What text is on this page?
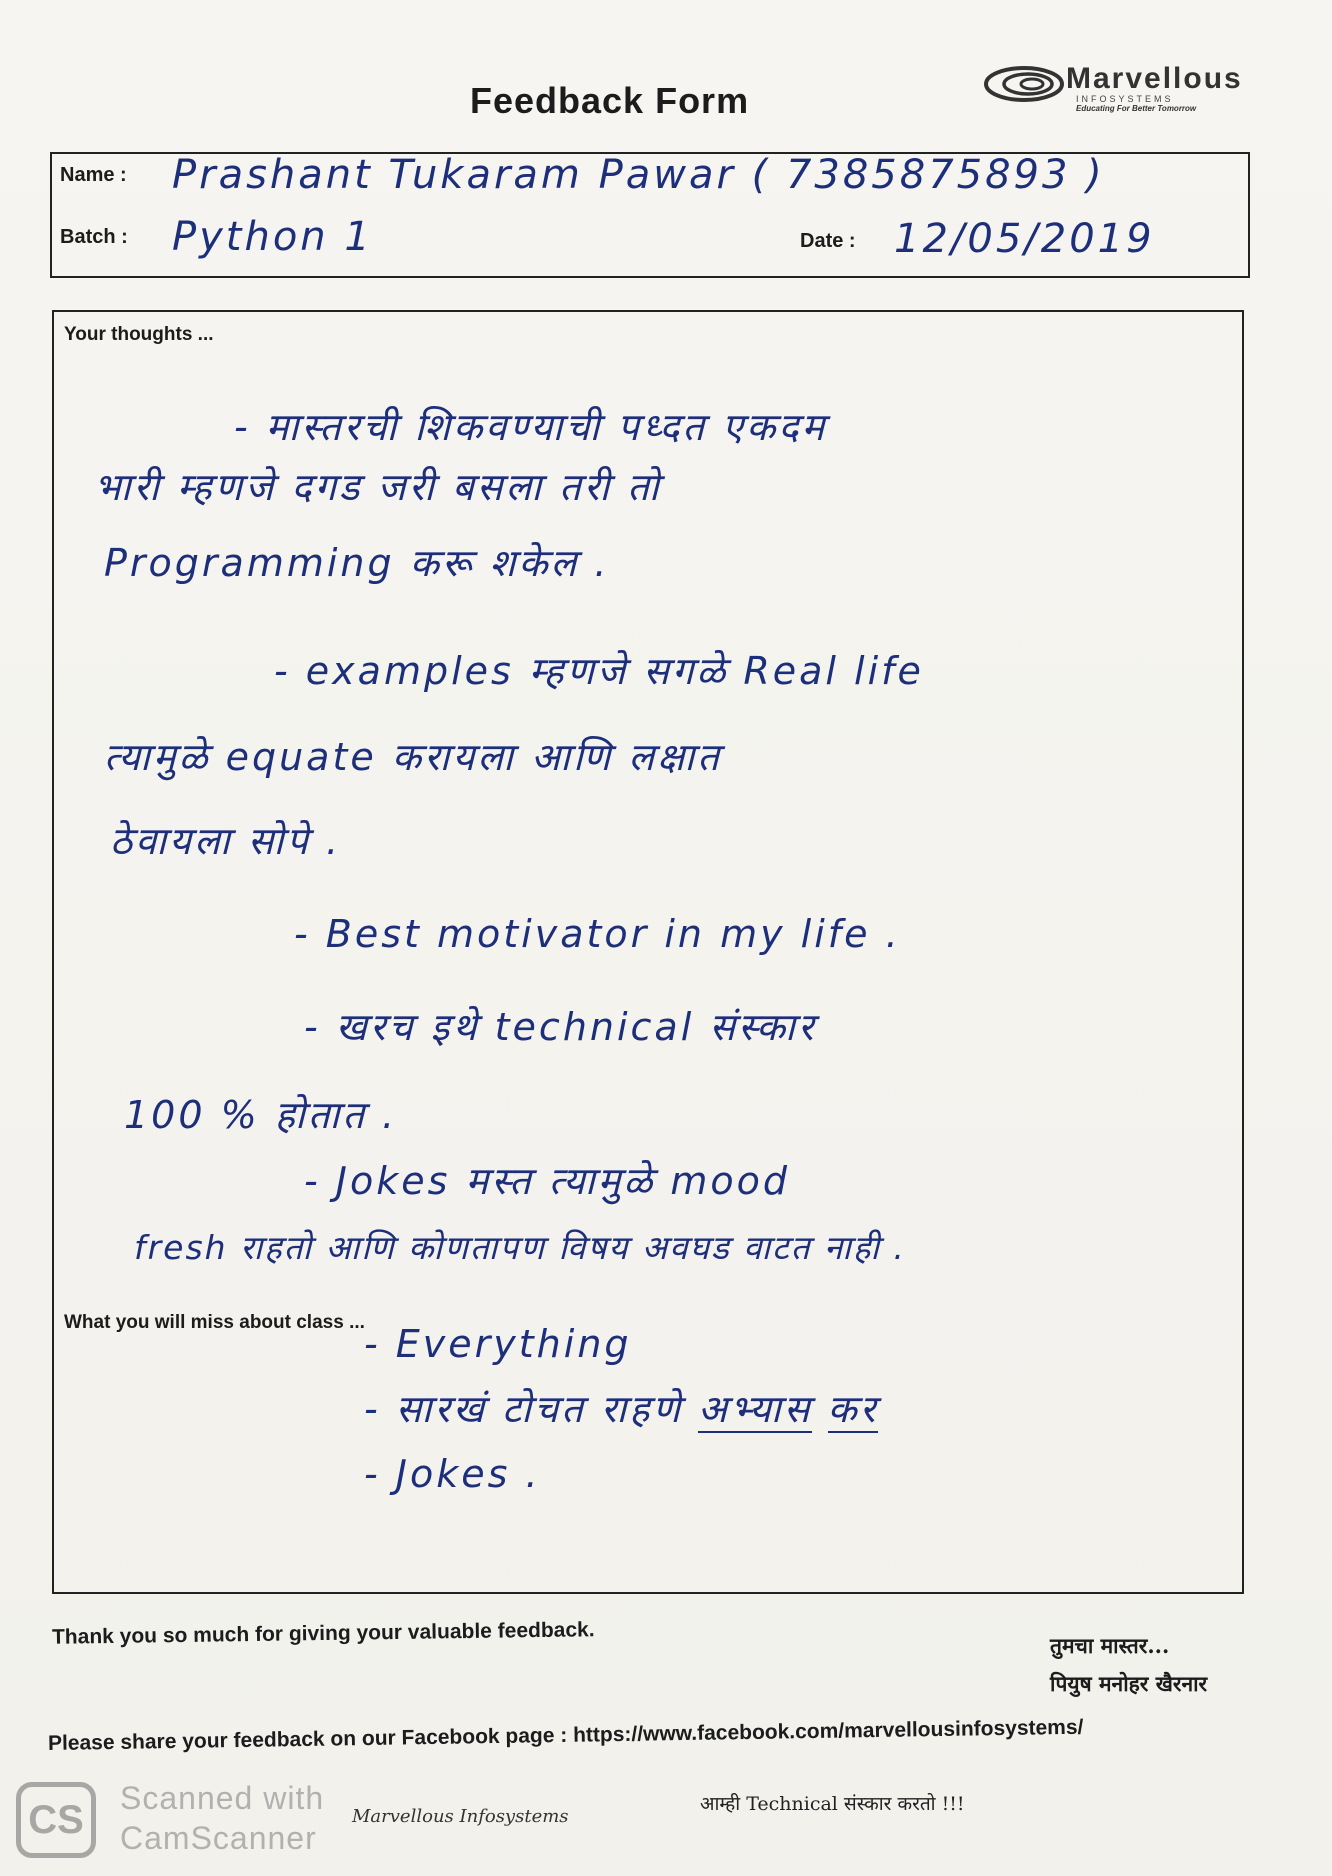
Feedback Form
Marvellous
INFOSYSTEMS
Educating For Better Tomorrow
Name : Prashant Tukaram Pawar ( 7385875893 )
Batch : Python 1	Date : 12/05/2019
Your thoughts ...
- मास्तरची शिकवण्याची पध्दत एकदम
भारी म्हणजे दगड जरी बसला तरी तो
Programming करू शकेल .
- examples म्हणजे सगळे Real life
त्यामुळे equate करायला आणि लक्षात
ठेवायला सोपे .
- Best motivator in my life .
- खरच इथे technical संस्कार
100 % होतात .
- Jokes मस्त त्यामुळे mood
fresh राहतो आणि कोणतापण विषय अवघड वाटत नाही .
What you will miss about class ... - Everything
- सारखं टोचत राहणे अभ्यास कर
- Jokes .
Thank you so much for giving your valuable feedback.	तुमचा मास्तर...
पियुष मनोहर खैरनार
Please share your feedback on our Facebook page : https://www.facebook.com/marvellousinfosystems/
CS	Scanned with
CamScanner
Marvellous Infosystems
आम्ही Technical संस्कार करतो !!!
